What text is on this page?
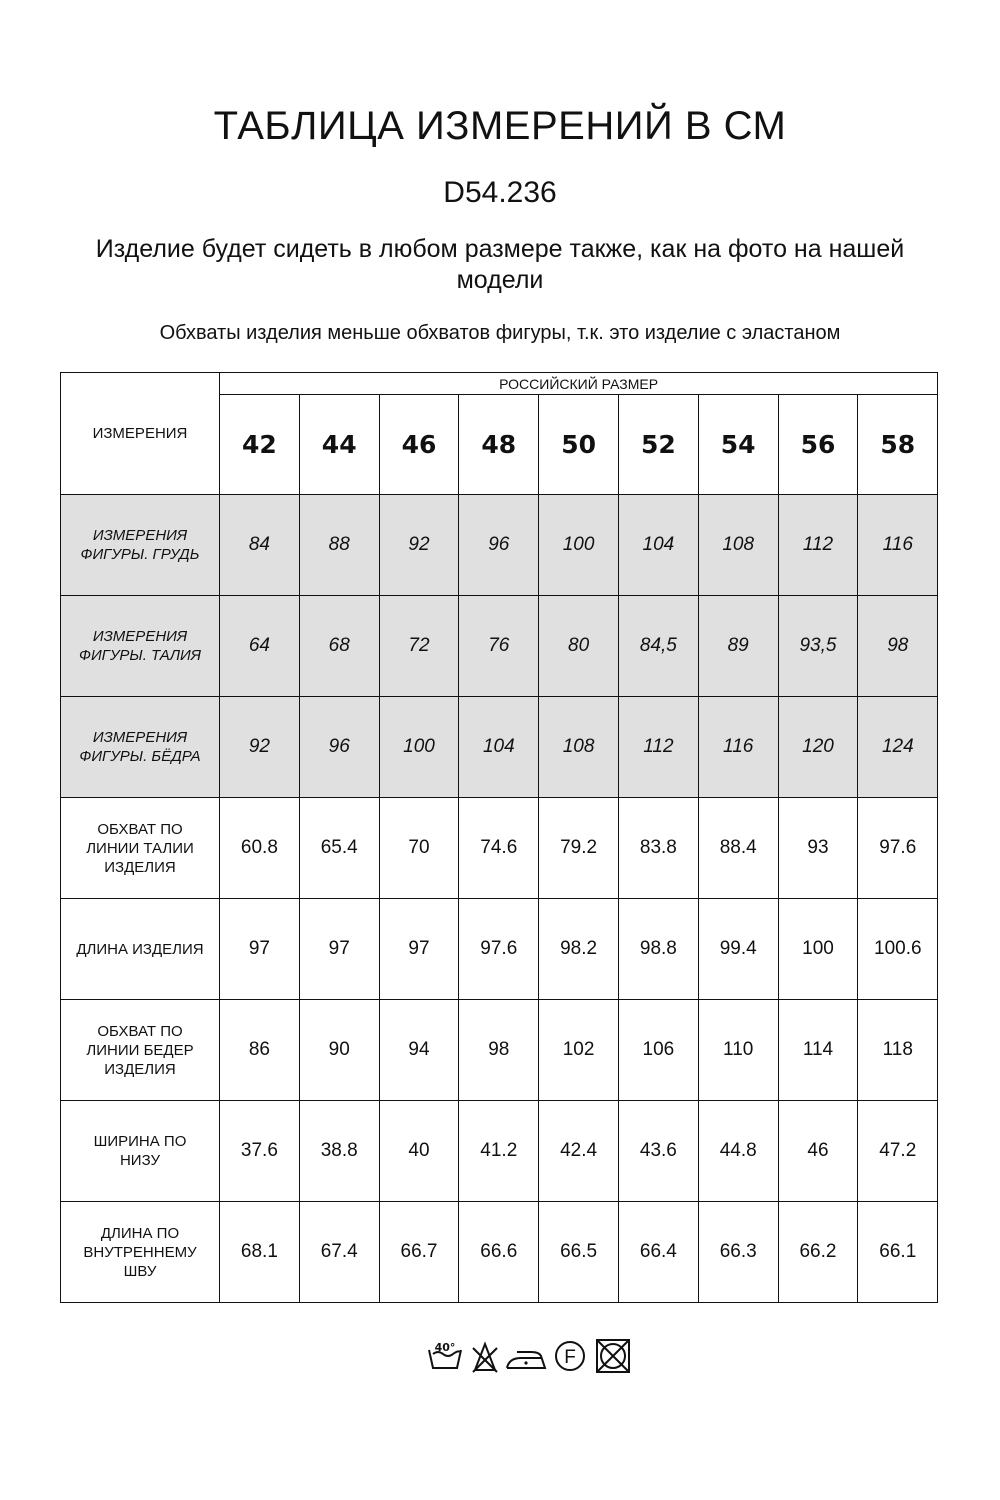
ТАБЛИЦА ИЗМЕРЕНИЙ В СМ
D54.236
Изделие будет сидеть в любом размере также, как на фото на нашей модели
Обхваты изделия меньше обхватов фигуры, т.к. это изделие с эластаном
ИЗМЕРЕНИЯ	РОССИЙСКИЙ РАЗМЕР								
	42	44	46	48	50	52	54	56	58

ИЗМЕРЕНИЯ
ФИГУРЫ. ГРУДЬ	84	88	92	96	100	104	108	112	116

ИЗМЕРЕНИЯ
ФИГУРЫ. ТАЛИЯ	64	68	72	76	80	84,5	89	93,5	98

ИЗМЕРЕНИЯ
ФИГУРЫ. БЁДРА	92	96	100	104	108	112	116	120	124

ОБХВАТ ПО
ЛИНИИ ТАЛИИ
ИЗДЕЛИЯ	60.8	65.4	70	74.6	79.2	83.8	88.4	93	97.6

ДЛИНА ИЗДЕЛИЯ	97	97	97	97.6	98.2	98.8	99.4	100	100.6

ОБХВАТ ПО
ЛИНИИ БЕДЕР
ИЗДЕЛИЯ	86	90	94	98	102	106	110	114	118

ШИРИНА ПО
НИЗУ	37.6	38.8	40	41.2	42.4	43.6	44.8	46	47.2

ДЛИНА ПО
ВНУТРЕННЕМУ
ШВУ	68.1	67.4	66.7	66.6	66.5	66.4	66.3	66.2	66.1
40°	F
